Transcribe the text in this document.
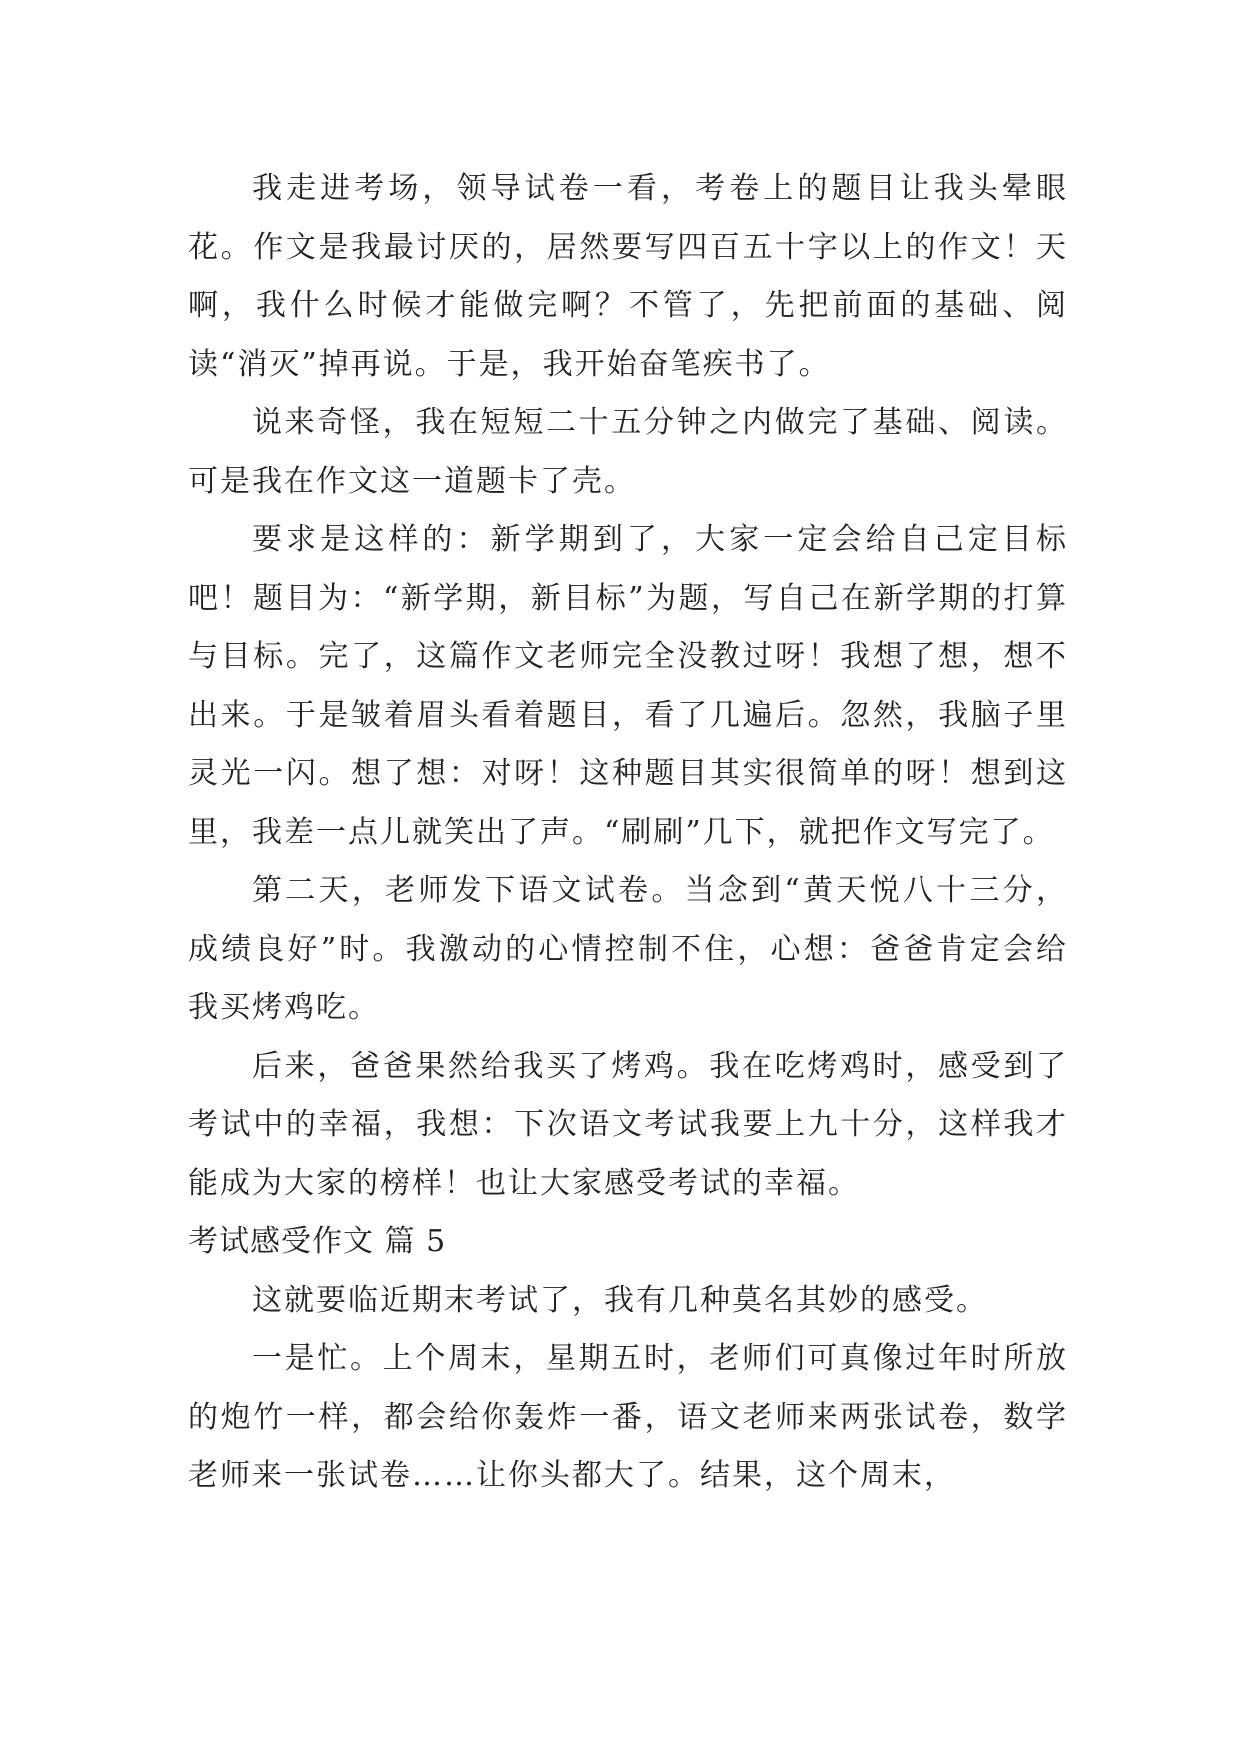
我走进考场，领导试卷一看，考卷上的题目让我头晕眼花。作文是我最讨厌的，居然要写四百五十字以上的作文！天啊，我什么时候才能做完啊？不管了，先把前面的基础、阅读“消灭”掉再说。于是，我开始奋笔疾书了。

说来奇怪，我在短短二十五分钟之内做完了基础、阅读。可是我在作文这一道题卡了壳。

要求是这样的：新学期到了，大家一定会给自己定目标吧！题目为：“新学期，新目标”为题，写自己在新学期的打算与目标。完了，这篇作文老师完全没教过呀！我想了想，想不出来。于是皱着眉头看着题目，看了几遍后。忽然，我脑子里灵光一闪。想了想：对呀！这种题目其实很简单的呀！想到这里，我差一点儿就笑出了声。“刷刷”几下，就把作文写完了。

第二天，老师发下语文试卷。当念到“黄天悦八十三分，成绩良好”时。我激动的心情控制不住，心想：爸爸肯定会给我买烤鸡吃。

后来，爸爸果然给我买了烤鸡。我在吃烤鸡时，感受到了考试中的幸福，我想：下次语文考试我要上九十分，这样我才能成为大家的榜样！也让大家感受考试的幸福。

考试感受作文 篇 5

这就要临近期末考试了，我有几种莫名其妙的感受。

一是忙。上个周末，星期五时，老师们可真像过年时所放的炮竹一样，都会给你轰炸一番，语文老师来两张试卷，数学老师来一张试卷……让你头都大了。结果，这个周末，
